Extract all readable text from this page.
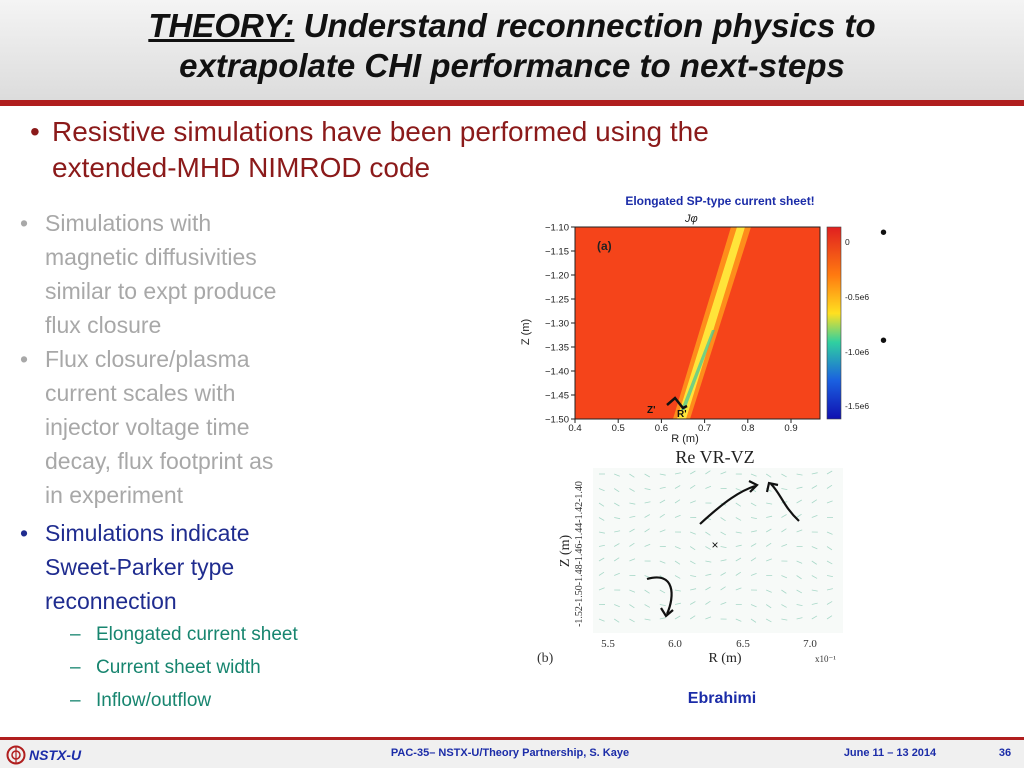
THEORY: Understand reconnection physics to
extrapolate CHI performance to next-steps
• Resistive simulations have been performed using the
extended-MHD NIMROD code
• Simulations with
magnetic diffusivities
similar to expt produce
flux closure
• Flux closure/plasma
current scales with
injector voltage time
decay, flux footprint as
in experiment
• Simulations indicate
Sweet-Parker type
reconnection
– Elongated current sheet
– Current sheet width
– Inflow/outflow
Elongated SP-type current sheet!
Jφ
(a)
Z' R'
−1.10
−1.15
−1.20
−1.25
−1.30
−1.35
−1.40
−1.45
−1.50
0.4	0.5	0.6	0.7	0.8	0.9
R (m)
Z (m)
0
-0.5e6
-1.0e6
-1.5e6
Re VR-VZ
×
-1.52-1.50-1.48-1.46-1.44-1.42-1.40
Z (m)
5.5	6.0	6.5	7.0
(b)	R (m)	x10⁻¹
•
•
Ebrahimi
NSTX-U	PAC-35– NSTX-U/Theory Partnership, S. Kaye	June 11 – 13 2014	36
